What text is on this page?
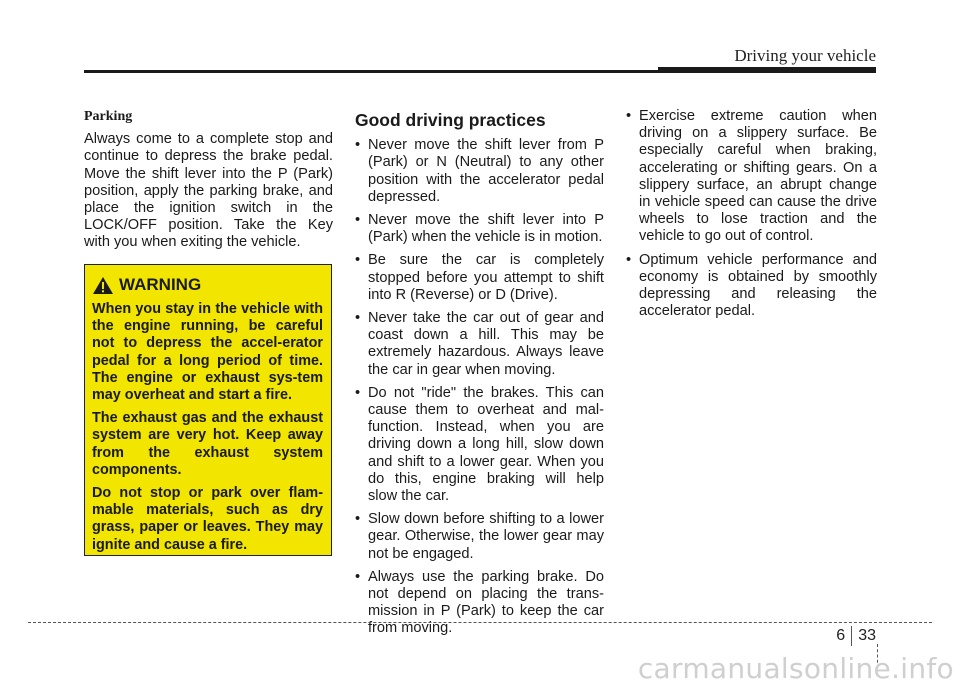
Driving your vehicle

Parking

Always come to a complete stop and continue to depress the brake pedal. Move the shift lever into the P (Park) position, apply the parking brake, and place the ignition switch in the LOCK/OFF position. Take the Key with you when exiting the vehicle.

WARNING

When you stay in the vehicle with the engine running, be careful not to depress the accel-erator pedal for a long period of time. The engine or exhaust sys-tem may overheat and start a fire.

The exhaust gas and the exhaust system are very hot. Keep away from the exhaust system components.

Do not stop or park over flam-mable materials, such as dry grass, paper or leaves. They may ignite and cause a fire.

Good driving practices
• Never move the shift lever from P (Park) or N (Neutral) to any other position with the accelerator pedal depressed.
• Never move the shift lever into P (Park) when the vehicle is in motion.
• Be sure the car is completely stopped before you attempt to shift into R (Reverse) or D (Drive).
• Never take the car out of gear and coast down a hill. This may be extremely hazardous. Always leave the car in gear when moving.
• Do not "ride" the brakes. This can cause them to overheat and mal-function. Instead, when you are driving down a long hill, slow down and shift to a lower gear. When you do this, engine braking will help slow the car.
• Slow down before shifting to a lower gear. Otherwise, the lower gear may not be engaged.
• Always use the parking brake. Do not depend on placing the trans-mission in P (Park) to keep the car from moving.
• Exercise extreme caution when driving on a slippery surface. Be especially careful when braking, accelerating or shifting gears. On a slippery surface, an abrupt change in vehicle speed can cause the drive wheels to lose traction and the vehicle to go out of control.
• Optimum vehicle performance and economy is obtained by smoothly depressing and releasing the accelerator pedal.
6 33
carmanualsonline.info
